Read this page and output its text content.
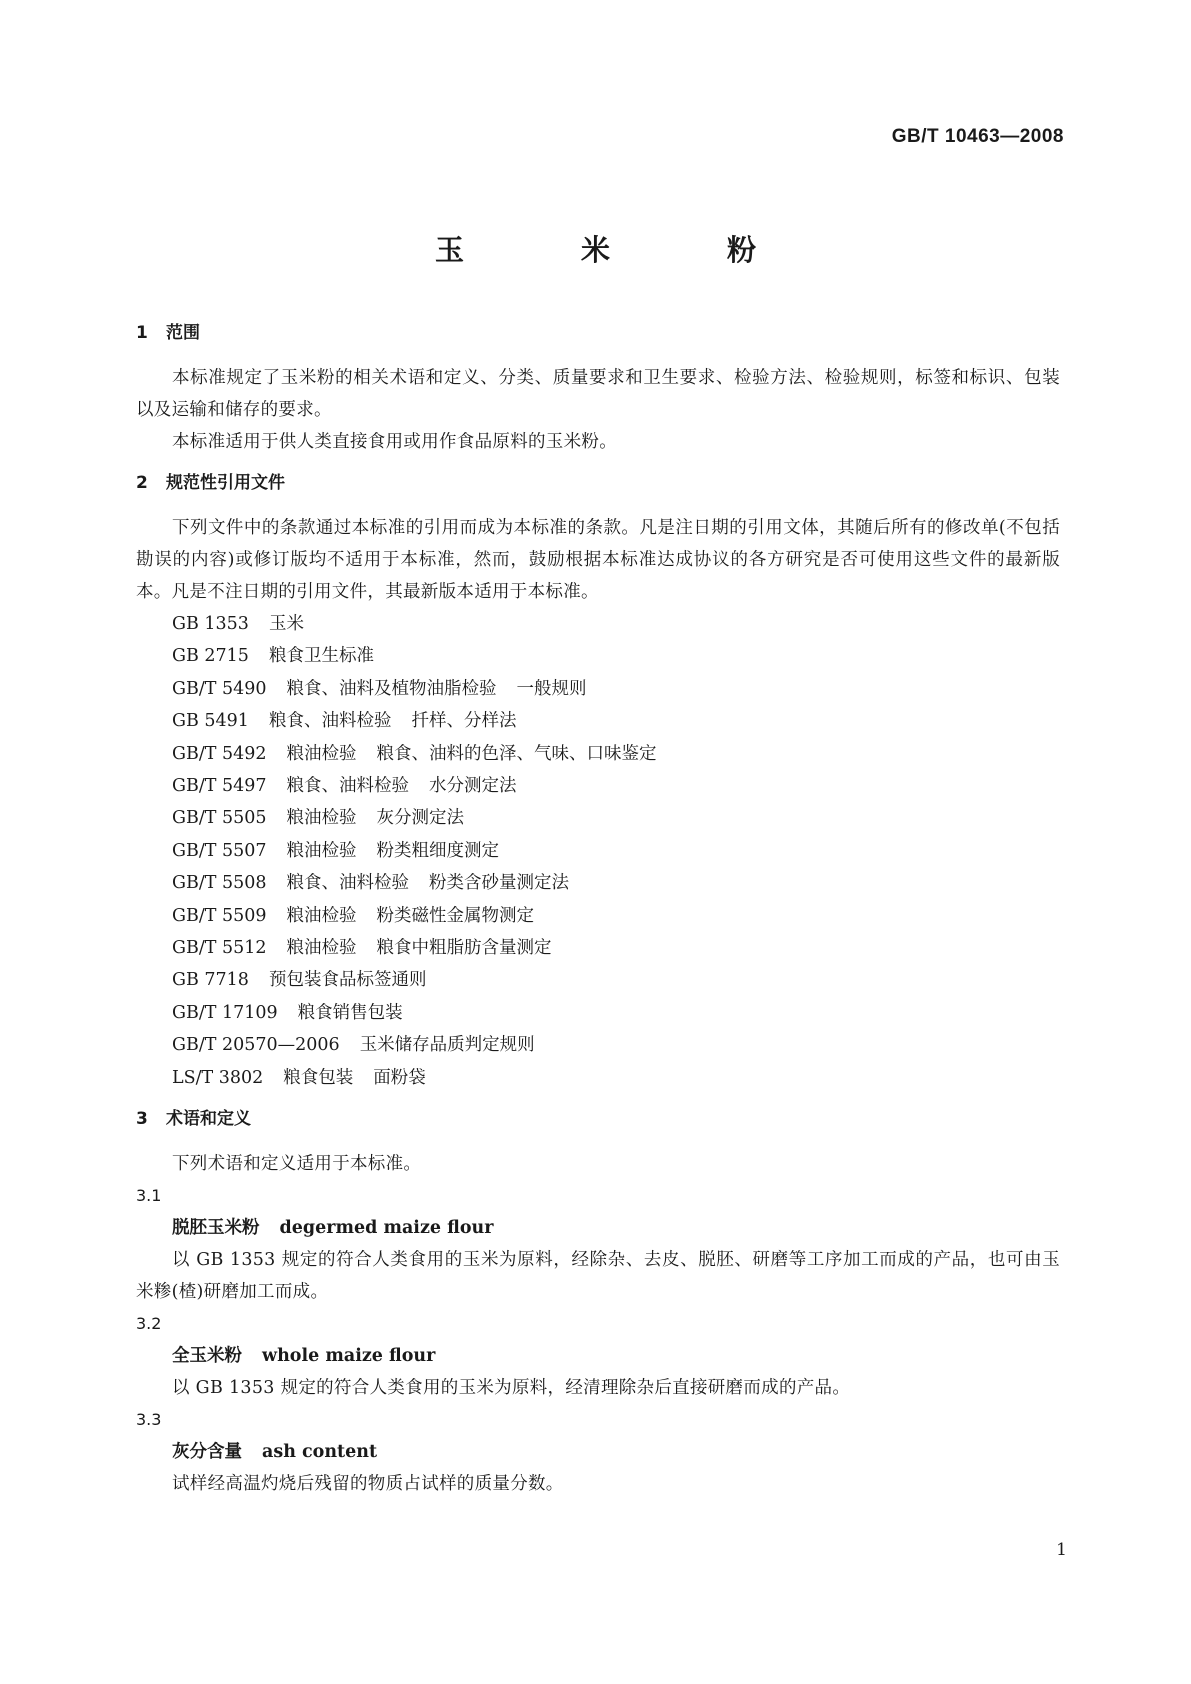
GB/T 10463—2008
玉　米　粉
1 范围

本标准规定了玉米粉的相关术语和定义、分类、质量要求和卫生要求、检验方法、检验规则，标签和标识、包装以及运输和储存的要求。

本标准适用于供人类直接食用或用作食品原料的玉米粉。

2 规范性引用文件

下列文件中的条款通过本标准的引用而成为本标准的条款。凡是注日期的引用文体，其随后所有的修改单(不包括勘误的内容)或修订版均不适用于本标准，然而，鼓励根据本标准达成协议的各方研究是否可使用这些文件的最新版本。凡是不注日期的引用文件，其最新版本适用于本标准。

GB 1353 玉米
GB 2715 粮食卫生标准
GB/T 5490 粮食、油料及植物油脂检验 一般规则
GB 5491 粮食、油料检验 扦样、分样法
GB/T 5492 粮油检验 粮食、油料的色泽、气味、口味鉴定
GB/T 5497 粮食、油料检验 水分测定法
GB/T 5505 粮油检验 灰分测定法
GB/T 5507 粮油检验 粉类粗细度测定
GB/T 5508 粮食、油料检验 粉类含砂量测定法
GB/T 5509 粮油检验 粉类磁性金属物测定
GB/T 5512 粮油检验 粮食中粗脂肪含量测定
GB 7718 预包装食品标签通则
GB/T 17109 粮食销售包装
GB/T 20570—2006 玉米储存品质判定规则
LS/T 3802 粮食包装 面粉袋
3 术语和定义

下列术语和定义适用于本标准。

3.1

脱胚玉米粉 degermed maize flour

以 GB 1353 规定的符合人类食用的玉米为原料，经除杂、去皮、脱胚、研磨等工序加工而成的产品，也可由玉米糁(楂)研磨加工而成。

3.2

全玉米粉 whole maize flour

以 GB 1353 规定的符合人类食用的玉米为原料，经清理除杂后直接研磨而成的产品。

3.3

灰分含量 ash content

试样经高温灼烧后残留的物质占试样的质量分数。

1
